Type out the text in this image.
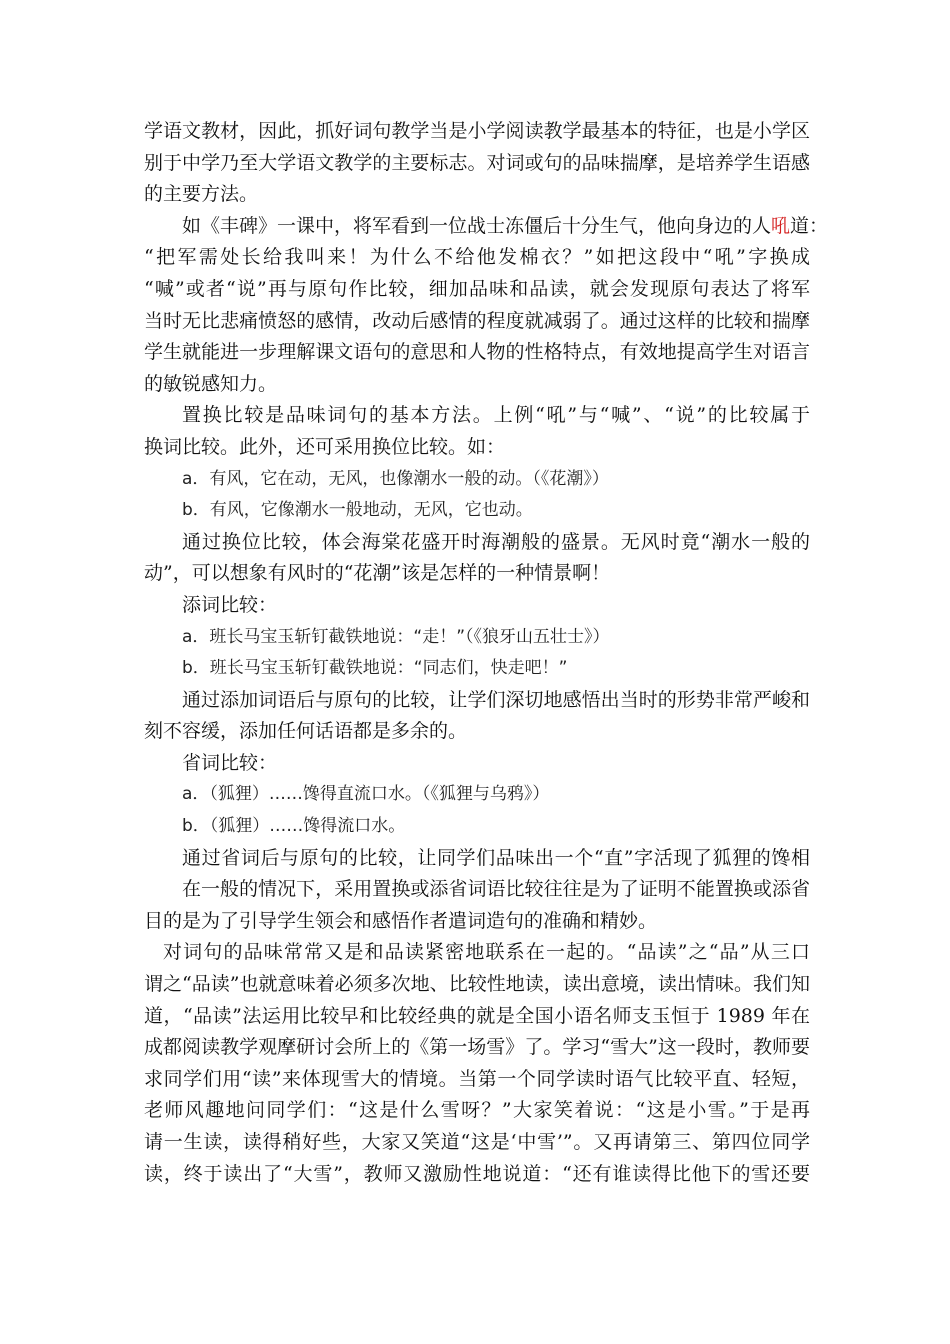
学语文教材，因此，抓好词句教学当是小学阅读教学最基本的特征，也是小学区
别于中学乃至大学语文教学的主要标志。对词或句的品味揣摩，是培养学生语感
的主要方法。
如《丰碑》一课中，将军看到一位战士冻僵后十分生气，他向身边的人吼道：
“把军需处长给我叫来！为什么不给他发棉衣？”如把这段中“吼”字换成
“喊”或者“说”再与原句作比较，细加品味和品读，就会发现原句表达了将军
当时无比悲痛愤怒的感情，改动后感情的程度就减弱了。通过这样的比较和揣摩
学生就能进一步理解课文语句的意思和人物的性格特点，有效地提高学生对语言
的敏锐感知力。
置换比较是品味词句的基本方法。上例“吼”与“喊”、“说”的比较属于
换词比较。此外，还可采用换位比较。如：
a．有风，它在动，无风，也像潮水一般的动。（《花潮》）
b．有风，它像潮水一般地动，无风，它也动。
通过换位比较，体会海棠花盛开时海潮般的盛景。无风时竟“潮水一般的
动”，可以想象有风时的“花潮”该是怎样的一种情景啊！
添词比较：
a．班长马宝玉斩钉截铁地说：“走！”（《狼牙山五壮士》）
b．班长马宝玉斩钉截铁地说：“同志们，快走吧！”
通过添加词语后与原句的比较，让学们深切地感悟出当时的形势非常严峻和
刻不容缓，添加任何话语都是多余的。
省词比较：
a．（狐狸）……馋得直流口水。（《狐狸与乌鸦》）
b．（狐狸）……馋得流口水。
通过省词后与原句的比较，让同学们品味出一个“直”字活现了狐狸的馋相
在一般的情况下，采用置换或添省词语比较往往是为了证明不能置换或添省
目的是为了引导学生领会和感悟作者遣词造句的准确和精妙。
对词句的品味常常又是和品读紧密地联系在一起的。“品读”之“品”从三口
谓之“品读”也就意味着必须多次地、比较性地读，读出意境，读出情味。我们知
道，“品读”法运用比较早和比较经典的就是全国小语名师支玉恒于 1989 年在
成都阅读教学观摩研讨会所上的《第一场雪》了。学习“雪大”这一段时，教师要
求同学们用“读”来体现雪大的情境。当第一个同学读时语气比较平直、轻短，
老师风趣地问同学们：“这是什么雪呀？”大家笑着说：“这是小雪。”于是再
请一生读，读得稍好些，大家又笑道“这是‘中雪’”。又再请第三、第四位同学
读，终于读出了“大雪”，教师又激励性地说道：“还有谁读得比他下的雪还要
